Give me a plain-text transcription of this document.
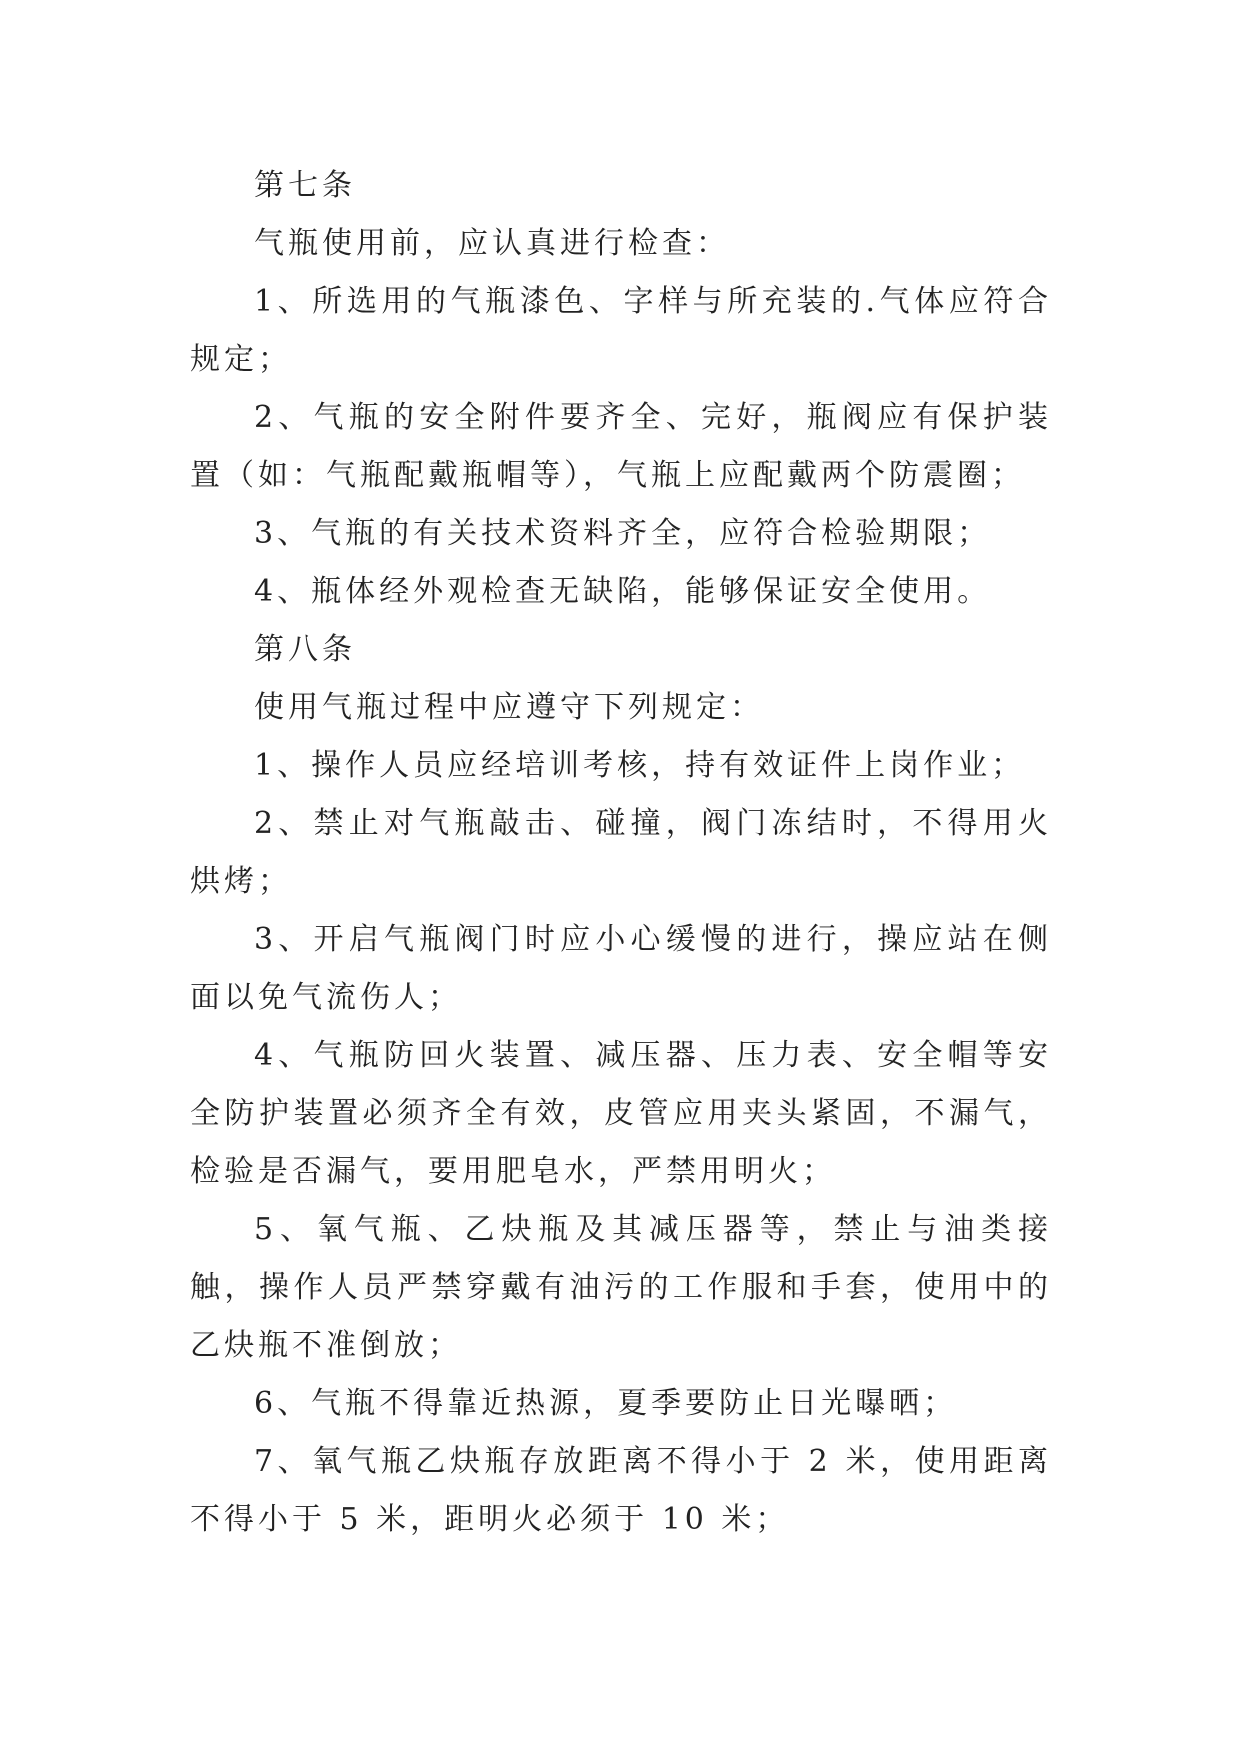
第七条

气瓶使用前，应认真进行检查：

1、所选用的气瓶漆色、字样与所充装的.气体应符合规定；

2、气瓶的安全附件要齐全、完好，瓶阀应有保护装置（如：气瓶配戴瓶帽等），气瓶上应配戴两个防震圈；

3、气瓶的有关技术资料齐全，应符合检验期限；

4、瓶体经外观检查无缺陷，能够保证安全使用。

第八条

使用气瓶过程中应遵守下列规定：

1、操作人员应经培训考核，持有效证件上岗作业；

2、禁止对气瓶敲击、碰撞，阀门冻结时，不得用火烘烤；

3、开启气瓶阀门时应小心缓慢的进行，操应站在侧面以免气流伤人；

4、气瓶防回火装置、减压器、压力表、安全帽等安全防护装置必须齐全有效，皮管应用夹头紧固，不漏气，检验是否漏气，要用肥皂水，严禁用明火；

5、氧气瓶、乙炔瓶及其减压器等，禁止与油类接触，操作人员严禁穿戴有油污的工作服和手套，使用中的乙炔瓶不准倒放；

6、气瓶不得靠近热源，夏季要防止日光曝晒；

7、氧气瓶乙炔瓶存放距离不得小于 2 米，使用距离不得小于 5 米，距明火必须于 10 米；
